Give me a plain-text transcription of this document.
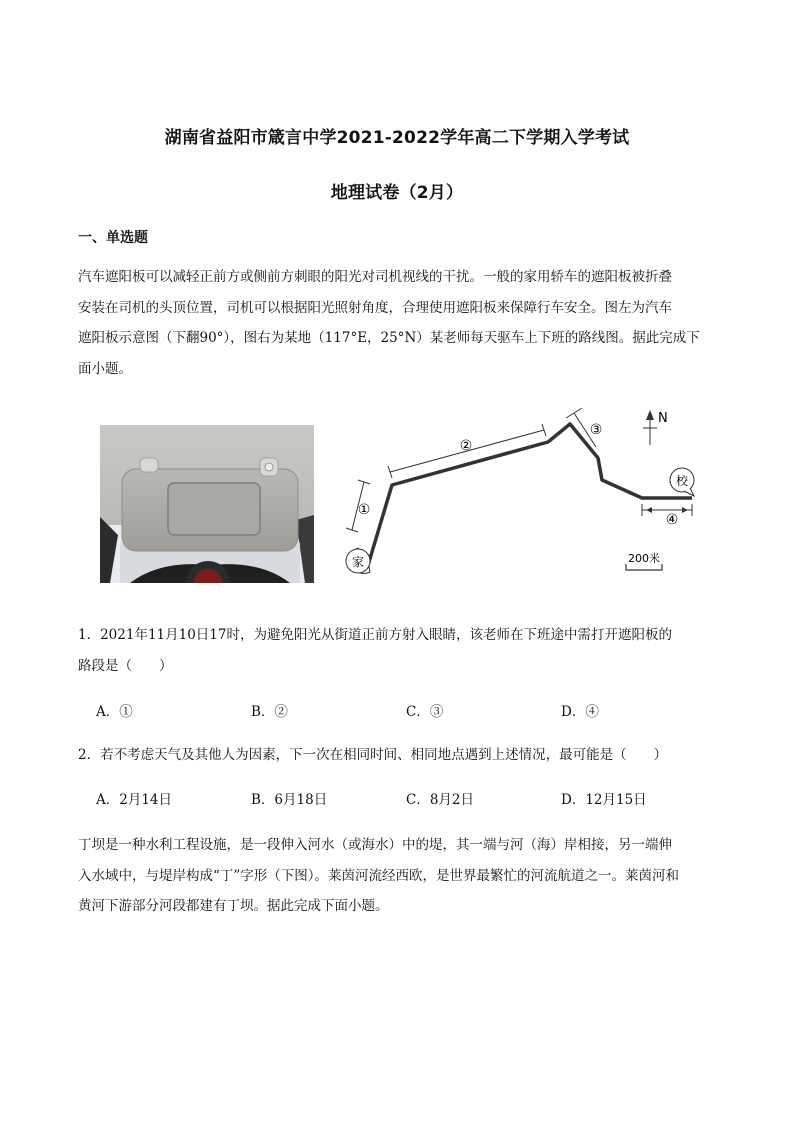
湖南省益阳市箴言中学2021-2022学年高二下学期入学考试
地理试卷（2月）
一、单选题
汽车遮阳板可以减轻正前方或侧前方刺眼的阳光对司机视线的干扰。一般的家用轿车的遮阳板被折叠
安装在司机的头顶位置，司机可以根据阳光照射角度，合理使用遮阳板来保障行车安全。图左为汽车
遮阳板示意图（下翻90°），图右为某地（117°E，25°N）某老师每天驱车上下班的路线图。据此完成下
面小题。
①
②
③
④
家
校
N
200米
1．2021年11月10日17时，为避免阳光从街道正前方射入眼睛，该老师在下班途中需打开遮阳板的
路段是（　　）
A．①	B．②	C．③	D．④
2．若不考虑天气及其他人为因素，下一次在相同时间、相同地点遇到上述情况，最可能是（　　）
A．2月14日	B．6月18日	C．8月2日	D．12月15日
丁坝是一种水利工程设施，是一段伸入河水（或海水）中的堤，其一端与河（海）岸相接，另一端伸
入水域中，与堤岸构成“丁”字形（下图）。莱茵河流经西欧，是世界最繁忙的河流航道之一。莱茵河和
黄河下游部分河段都建有丁坝。据此完成下面小题。
